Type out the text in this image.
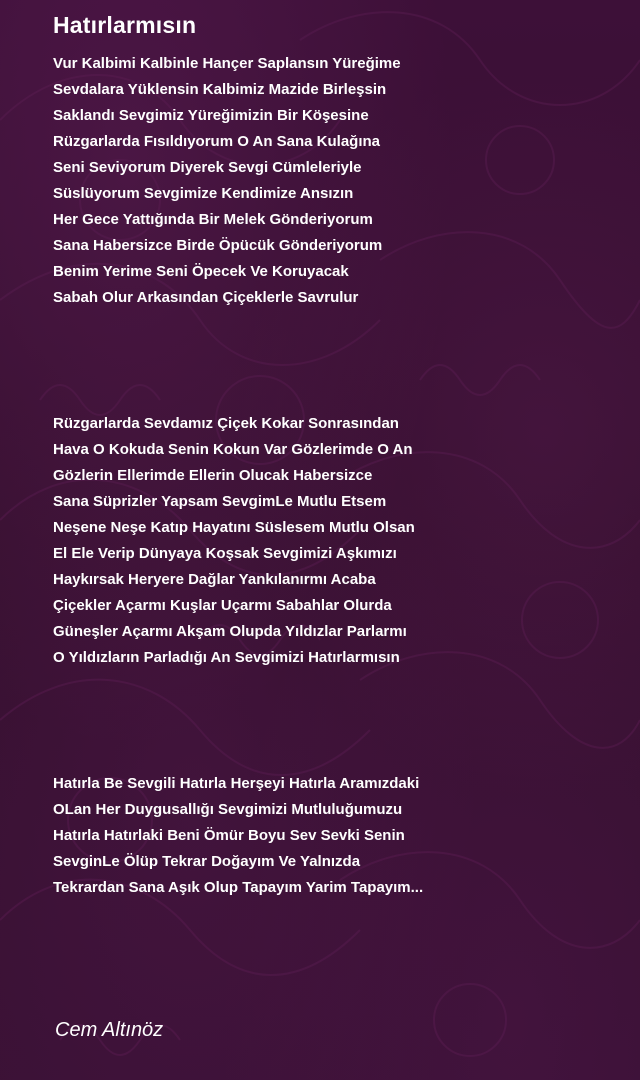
Hatırlarmısın
Vur Kalbimi Kalbinle Hançer Saplansın Yüreğime
Sevdalara Yüklensin Kalbimiz Mazide Birleşsin
Saklandı Sevgimiz Yüreğimizin Bir Köşesine
Rüzgarlarda Fısıldıyorum O An Sana Kulağına
Seni Seviyorum Diyerek Sevgi Cümleleriyle
Süslüyorum Sevgimize Kendimize Ansızın
Her Gece Yattığında Bir Melek Gönderiyorum
Sana Habersizce Birde Öpücük Gönderiyorum
Benim Yerime Seni Öpecek Ve Koruyacak
Sabah Olur Arkasından Çiçeklerle Savrulur
Rüzgarlarda Sevdamız Çiçek Kokar Sonrasından
Hava O Kokuda Senin Kokun Var Gözlerimde O An
Gözlerin Ellerimde Ellerin Olucak Habersizce
Sana Süprizler Yapsam SevgimLe Mutlu Etsem
Neşene Neşe Katıp Hayatını Süslesem Mutlu Olsan
El Ele Verip Dünyaya Koşsak Sevgimizi Aşkımızı
Haykırsak Heryere Dağlar Yankılanırmı Acaba
Çiçekler Açarmı Kuşlar Uçarmı Sabahlar Olurda
Güneşler Açarmı Akşam Olupda Yıldızlar Parlarmı
O Yıldızların Parladığı An Sevgimizi Hatırlarmısın
Hatırla Be Sevgili Hatırla Herşeyi Hatırla Aramızdaki
OLan Her Duygusallığı Sevgimizi Mutluluğumuzu
Hatırla Hatırlaki Beni Ömür Boyu Sev Sevki Senin
SevginLe Ölüp Tekrar Doğayım Ve Yalnızda
Tekrardan Sana Aşık Olup Tapayım Yarim Tapayım...
Cem Altınöz
